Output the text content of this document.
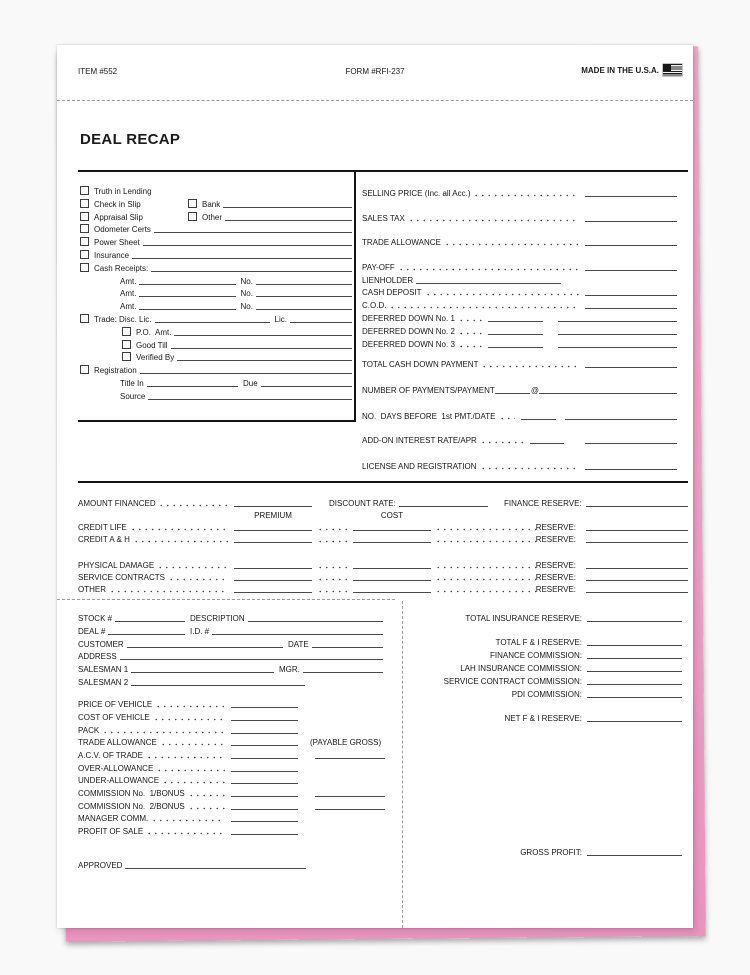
ITEM #552	FORM #RFI-237	MADE IN THE U.S.A.
DEAL RECAP
Truth in Lending
Check in Slip	Bank
Appraisal Slip	Other
Odometer Certs
Power Sheet
Insurance
Cash Receipts:
Amt.	No.
Amt.	No.
Amt.	No.
Trade: Disc. Lic.	Lic.
P.O.  Amt.
Good Till
Verified By
Registration
Title In	Due
Source
SELLING PRICE (Inc. all Acc.)
SALES TAX
TRADE ALLOWANCE
PAY-OFF
LIENHOLDER
CASH DEPOSIT
C.O.D.
DEFERRED DOWN No. 1
DEFERRED DOWN No. 2
DEFERRED DOWN No. 3
TOTAL CASH DOWN PAYMENT
NUMBER OF PAYMENTS/PAYMENT	@
NO.  DAYS BEFORE  1st PMT./DATE
ADD-ON INTEREST RATE/APR
LICENSE AND REGISTRATION
AMOUNT FINANCED	DISCOUNT RATE:	FINANCE RESERVE:
PREMIUM	COST
CREDIT LIFE	RESERVE:
CREDIT A & H	RESERVE:
PHYSICAL DAMAGE	RESERVE:
SERVICE CONTRACTS	RESERVE:
OTHER	RESERVE:
STOCK #	DESCRIPTION
DEAL #	I.D. #
CUSTOMER	DATE
ADDRESS
SALESMAN 1	MGR.
SALESMAN 2
PRICE OF VEHICLE
COST OF VEHICLE
PACK
TRADE ALLOWANCE	(PAYABLE GROSS)
A.C.V. OF TRADE
OVER-ALLOWANCE
UNDER-ALLOWANCE
COMMISSION No.  1/BONUS
COMMISSION No.  2/BONUS
MANAGER COMM.
PROFIT OF SALE
APPROVED
TOTAL INSURANCE RESERVE:
TOTAL F & I RESERVE:
FINANCE COMMISSION:
LAH INSURANCE COMMISSION:
SERVICE CONTRACT COMMISSION:
PDI COMMISSION:
NET F & I RESERVE:
GROSS PROFIT:
